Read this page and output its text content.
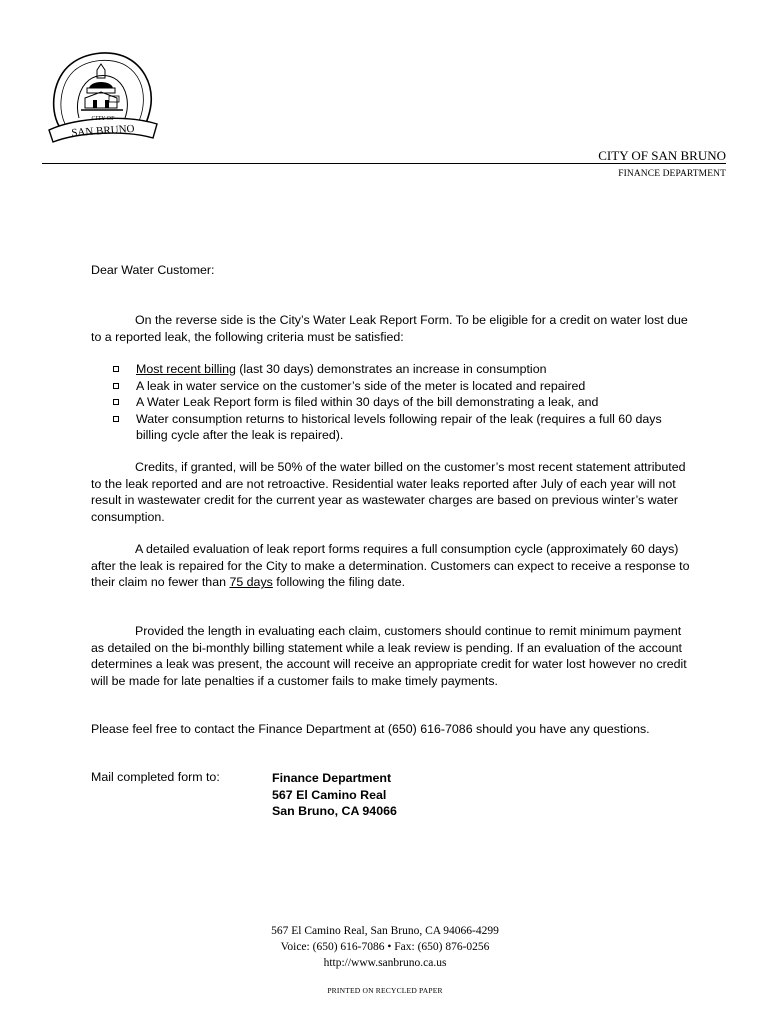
CITY OF
SAN BRUNO
CITY OF SAN BRUNO
FINANCE DEPARTMENT
Dear Water Customer:
On the reverse side is the City’s Water Leak Report Form. To be eligible for a credit on water lost due to a reported leak, the following criteria must be satisfied:
Most recent billing (last 30 days) demonstrates an increase in consumption
A leak in water service on the customer’s side of the meter is located and repaired
A Water Leak Report form is filed within 30 days of the bill demonstrating a leak, and
Water consumption returns to historical levels following repair of the leak (requires a full 60 days billing cycle after the leak is repaired).
Credits, if granted, will be 50% of the water billed on the customer’s most recent statement attributed to the leak reported and are not retroactive. Residential water leaks reported after July of each year will not result in wastewater credit for the current year as wastewater charges are based on previous winter’s water consumption.
A detailed evaluation of leak report forms requires a full consumption cycle (approximately 60 days) after the leak is repaired for the City to make a determination. Customers can expect to receive a response to their claim no fewer than 75 days following the filing date.
Provided the length in evaluating each claim, customers should continue to remit minimum payment as detailed on the bi-monthly billing statement while a leak review is pending. If an evaluation of the account determines a leak was present, the account will receive an appropriate credit for water lost however no credit will be made for late penalties if a customer fails to make timely payments.
Please feel free to contact the Finance Department at (650) 616-7086 should you have any questions.
Mail completed form to:	Finance Department
567 El Camino Real
San Bruno, CA 94066
567 El Camino Real, San Bruno, CA 94066-4299
Voice: (650) 616-7086 • Fax: (650) 876-0256
http://www.sanbruno.ca.us
PRINTED ON RECYCLED PAPER
